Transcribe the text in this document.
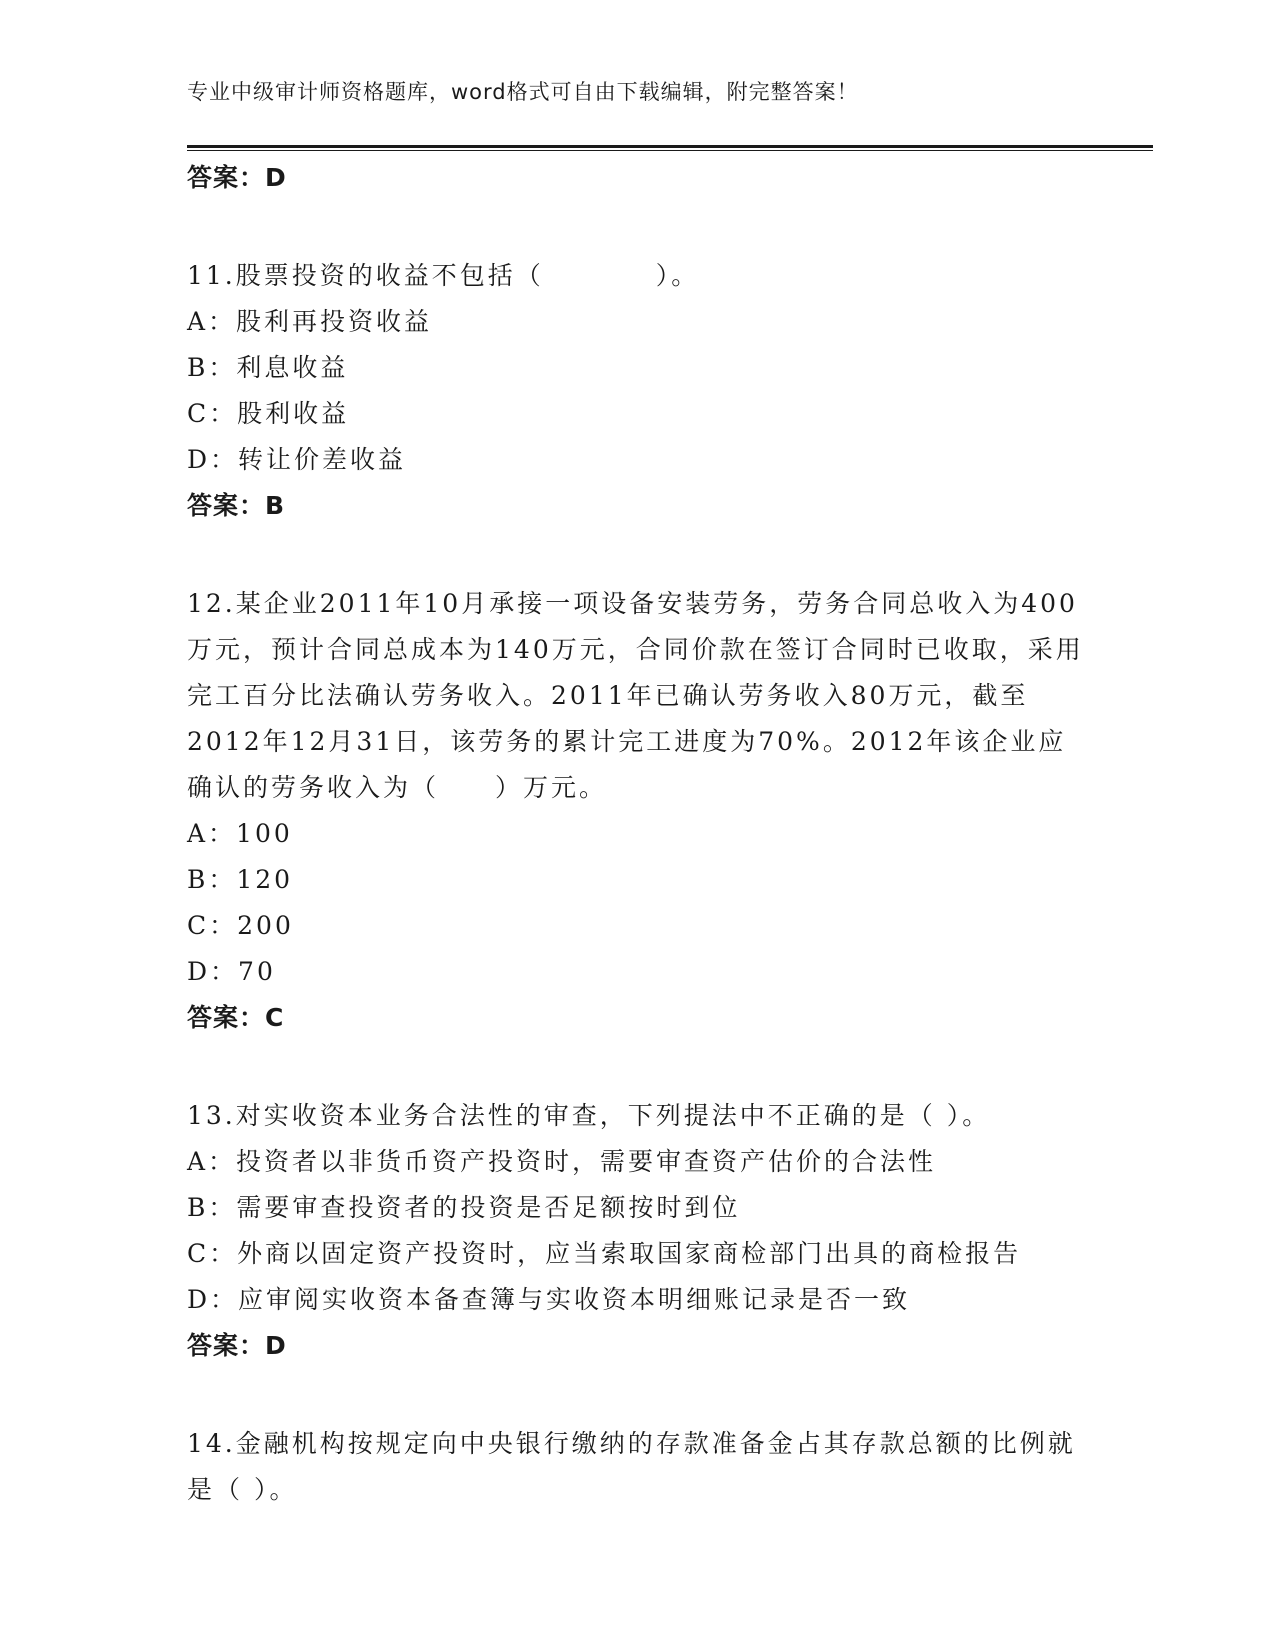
专业中级审计师资格题库，word格式可自由下载编辑，附完整答案！
答案：D

11.股票投资的收益不包括（　　　　）。

A：股利再投资收益
B：利息收益
C：股利收益
D：转让价差收益
答案：B

12.某企业2011年10月承接一项设备安装劳务，劳务合同总收入为400万元，预计合同总成本为140万元，合同价款在签订合同时已收取，采用完工百分比法确认劳务收入。2011年已确认劳务收入80万元，截至2012年12月31日，该劳务的累计完工进度为70%。2012年该企业应确认的劳务收入为（　　）万元。

A：100
B：120
C：200
D：70
答案：C

13.对实收资本业务合法性的审查，下列提法中不正确的是（ ）。

A：投资者以非货币资产投资时，需要审查资产估价的合法性
B：需要审查投资者的投资是否足额按时到位
C：外商以固定资产投资时，应当索取国家商检部门出具的商检报告
D：应审阅实收资本备查簿与实收资本明细账记录是否一致
答案：D

14.金融机构按规定向中央银行缴纳的存款准备金占其存款总额的比例就是（ ）。
